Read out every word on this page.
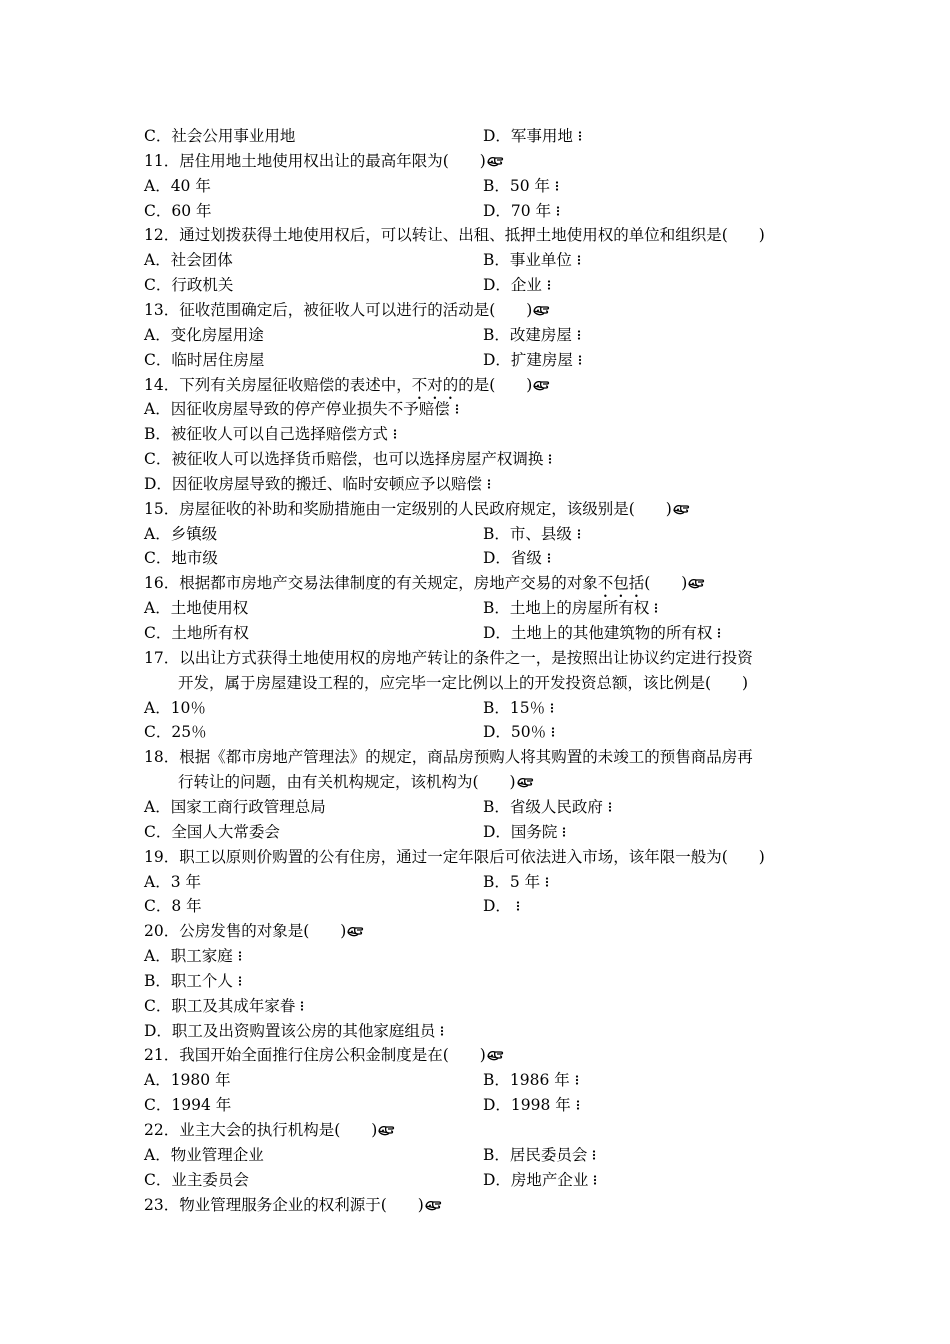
C．社会公用事业用地	D．军事用地
11．居住用地土地使用权出让的最高年限为(　　)
A．40 年	B．50 年
C．60 年	D．70 年
12．通过划拨获得土地使用权后，可以转让、出租、抵押土地使用权的单位和组织是(　　)
A．社会团体	B．事业单位
C．行政机关	D．企业
13．征收范围确定后，被征收人可以进行的活动是(　　)
A．变化房屋用途	B．改建房屋
C．临时居住房屋	D．扩建房屋
14．下列有关房屋征收赔偿的表述中，不对的的是(　　)
A．因征收房屋导致的停产停业损失不予赔偿
B．被征收人可以自己选择赔偿方式
C．被征收人可以选择货币赔偿，也可以选择房屋产权调换
D．因征收房屋导致的搬迁、临时安顿应予以赔偿
15．房屋征收的补助和奖励措施由一定级别的人民政府规定，该级别是(　　)
A．乡镇级	B．市、县级
C．地市级	D．省级
16．根据都市房地产交易法律制度的有关规定，房地产交易的对象不包括(　　)
A．土地使用权	B．土地上的房屋所有权
C．土地所有权	D．土地上的其他建筑物的所有权
17．以出让方式获得土地使用权的房地产转让的条件之一，是按照出让协议约定进行投资
开发，属于房屋建设工程的，应完毕一定比例以上的开发投资总额，该比例是(　　)
A．10％	B．15％
C．25％	D．50％
18．根据《都市房地产管理法》的规定，商品房预购人将其购置的未竣工的预售商品房再
行转让的问题，由有关机构规定，该机构为(　　)
A．国家工商行政管理总局	B．省级人民政府
C．全国人大常委会	D．国务院
19．职工以原则价购置的公有住房，通过一定年限后可依法进入市场，该年限一般为(　　)
A．3 年	B．5 年
C．8 年	D．
20．公房发售的对象是(　　)
A．职工家庭
B．职工个人
C．职工及其成年家眷
D．职工及出资购置该公房的其他家庭组员
21．我国开始全面推行住房公积金制度是在(　　)
A．1980 年	B．1986 年
C．1994 年	D．1998 年
22．业主大会的执行机构是(　　)
A．物业管理企业	B．居民委员会
C．业主委员会	D．房地产企业
23．物业管理服务企业的权利源于(　　)
